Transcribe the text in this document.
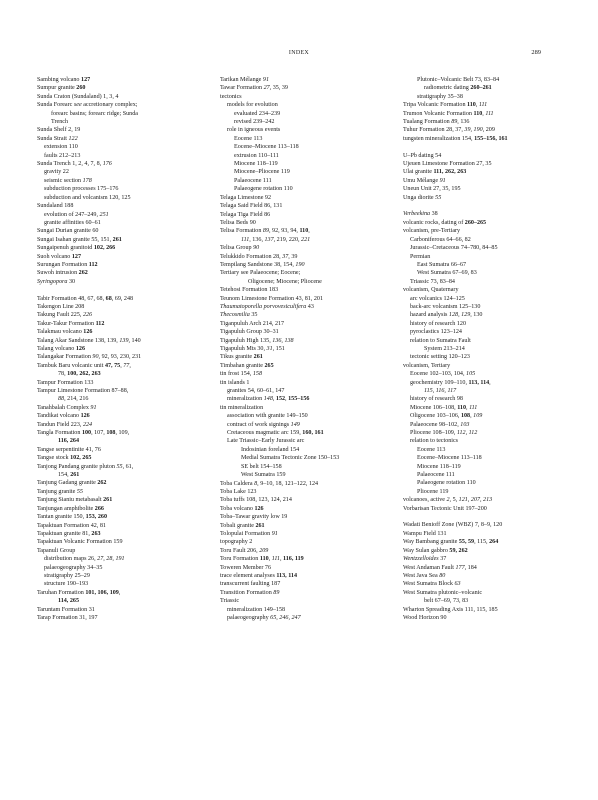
INDEX	289
Sambing volcano 127
Sumpur granite 260
Sunda Craton (Sundaland) 1, 3, 4
Sunda Forearc see accretionary complex;
forearc basins; forearc ridge; Sunda
Trench
Sunda Shelf 2, 19
Sunda Strait 122
extension 110
faults 212–213
Sunda Trench 1, 2, 4, 7, 8, 176
gravity 22
seismic section 178
subduction processes 175–176
subduction and volcanism 120, 125
Sundaland 188
evolution of 247–249, 251
granite affinities 60–61
Sungai Durian granite 60
Sungai Isahan granite 55, 151, 261
Sungaipenuh granitoid 102, 266
Suoh volcano 127
Surungan Formation 112
Suwoh intrusion 262
Syringopora 30
Tabir Formation 48, 67, 68, 68, 69, 248
Takengon Line 208
Takung Fault 225, 226
Takur-Takur Formation 112
Talakmau volcano 126
Talang Akar Sandstone 138, 139, 139, 140
Talang volcano 126
Talangakar Formation 90, 92, 93, 230, 231
Tambuk Baru volcanic unit 47, 75, 77,
78, 100, 262, 263
Tampur Formation 133
Tampur Limestone Formation 87–88,
88, 214, 216
Tanahbalah Complex 91
Tandikat volcano 126
Tandun Field 223, 224
Tangla Formation 100, 107, 108, 109,
116, 264
Tangse serpentinite 41, 76
Tangse stock 102, 265
Tanjong Pandang granite pluton 55, 61,
154, 261
Tanjung Gadang granite 262
Tanjung granite 55
Tanjung Sianiu metabasalt 261
Tanjungan amphibolite 266
Tantan granite 150, 153, 260
Tapaktuan Formation 42, 81
Tapaktuan granite 81, 263
Tapaktuan Volcanic Formation 159
Tapanuli Group
distribution maps 26, 27, 28, 191
palaeogeography 34–35
stratigraphy 25–29
structure 190–193
Taruhan Formation 101, 106, 109,
114, 265
Taruntam Formation 31
Tarap Formation 31, 197
Tarikan Mélange 91
Tawar Formation 27, 35, 39
tectonics
models for evolution
evaluated 234–239
revised 239–242
role in igneous events
Eocene 113
Eocene–Miocene 113–118
extrusion 110–111
Miocene 118–119
Miocene–Pliocene 119
Palaeocene 111
Palaeogene rotation 110
Telaga Limestone 92
Telaga Said Field 86, 131
Telaga Tiga Field 86
Telisa Beds 90
Telisa Formation 89, 92, 93, 94, 110,
111, 136, 137, 219, 220, 221
Telisa Group 90
Telukkido Formation 28, 37, 39
Tempilang Sandstone 38, 154, 190
Tertiary see Palaeocene; Eocene;
Oligocene; Miocene; Pliocene
Tetehosi Formation 183
Teunom Limestone Formation 43, 81, 201
Thaumatoporella porvovesiculifera 43
Thecosmilia 35
Tiganpuluh Arch 214, 217
Tigapuluh Group 30–31
Tigapuluh High 135, 136, 138
Tigapuluh Mts 30, 31, 151
Tikus granite 261
Timbahan granite 265
tin frost 154, 158
tin islands 1
granites 54, 60–61, 147
mineralization 148, 152, 155–156
tin mineralization
association with granite 149–150
contract of work signings 149
Cretaceous magmatic arc 159, 160, 161
Late Triassic–Early Jurassic arc
Indosinian foreland 154
Medial Sumatra Tectonic Zone 150–153
SE belt 154–158
West Sumatra 159
Toba Caldera 8, 9–10, 18, 121–122, 124
Toba Lake 123
Toba tuffs 108, 123, 124, 214
Toba volcano 126
Toba–Tawar gravity low 19
Tobali granite 261
Tolopulai Formation 91
topography 2
Toru Fault 206, 209
Toru Formation 110, 111, 116, 119
Toweren Member 76
trace element analyses 113, 114
transcurrent faulting 187
Transition Formation 89
Triassic
mineralization 149–158
palaeogeography 65, 246, 247
Plutonic–Volcanic Belt 73, 83–84
radiometric dating 260–261
stratigraphy 35–38
Tripa Volcanic Formation 110, 111
Trumon Volcanic Formation 110, 111
Tualang Formation 89, 136
Tuhur Formation 28, 37, 39, 190, 209
tungsten mineralization 154, 155–156, 161
U–Pb dating 54
Ujeuen Limestone Formation 27, 35
Ulai granite 111, 262, 263
Umu Mélange 91
Uneun Unit 27, 35, 195
Unga diorite 55
Verbeekina 38
volcanic rocks, dating of 260–265
volcanism, pre-Tertiary
Carboniferous 64–66, 82
Jurassic–Cretaceous 74–780, 84–85
Permian
East Sumatra 66–67
West Sumatra 67–69, 83
Triassic 73, 83–84
volcanism, Quaternary
arc volcanics 124–125
back-arc volcanism 125–130
hazard analysis 128, 129, 130
history of research 120
pyroclastics 123–124
relation to Sumatra Fault
System 213–214
tectonic setting 120–123
volcanism, Tertiary
Eocene 102–103, 104, 105
geochemistry 109–110, 113, 114,
115, 116, 117
history of research 98
Miocene 106–108, 110, 111
Oligocene 103–106, 108, 109
Palaeocene 98–102, 103
Pliocene 108–109, 112, 112
relation to tectonics
Eocene 113
Eocene–Miocene 113–118
Miocene 118–119
Palaeocene 111
Palaeogene rotation 110
Pliocene 119
volcanoes, active 2, 5, 121, 207, 213
Vorbarisan Tectonic Unit 197–200
Wadati Benioff Zone (WBZ) 7, 8–9, 120
Wampu Field 131
Way Bambang granite 55, 59, 115, 264
Way Sulan gabbro 59, 262
Wentzzelloides 37
West Andaman Fault 177, 184
West Java Sea 80
West Sumatra Block 63
West Sumatra plutonic–volcanic
belt 67–69, 73, 83
Wharton Spreading Axis 111, 115, 185
Wood Horizon 90
